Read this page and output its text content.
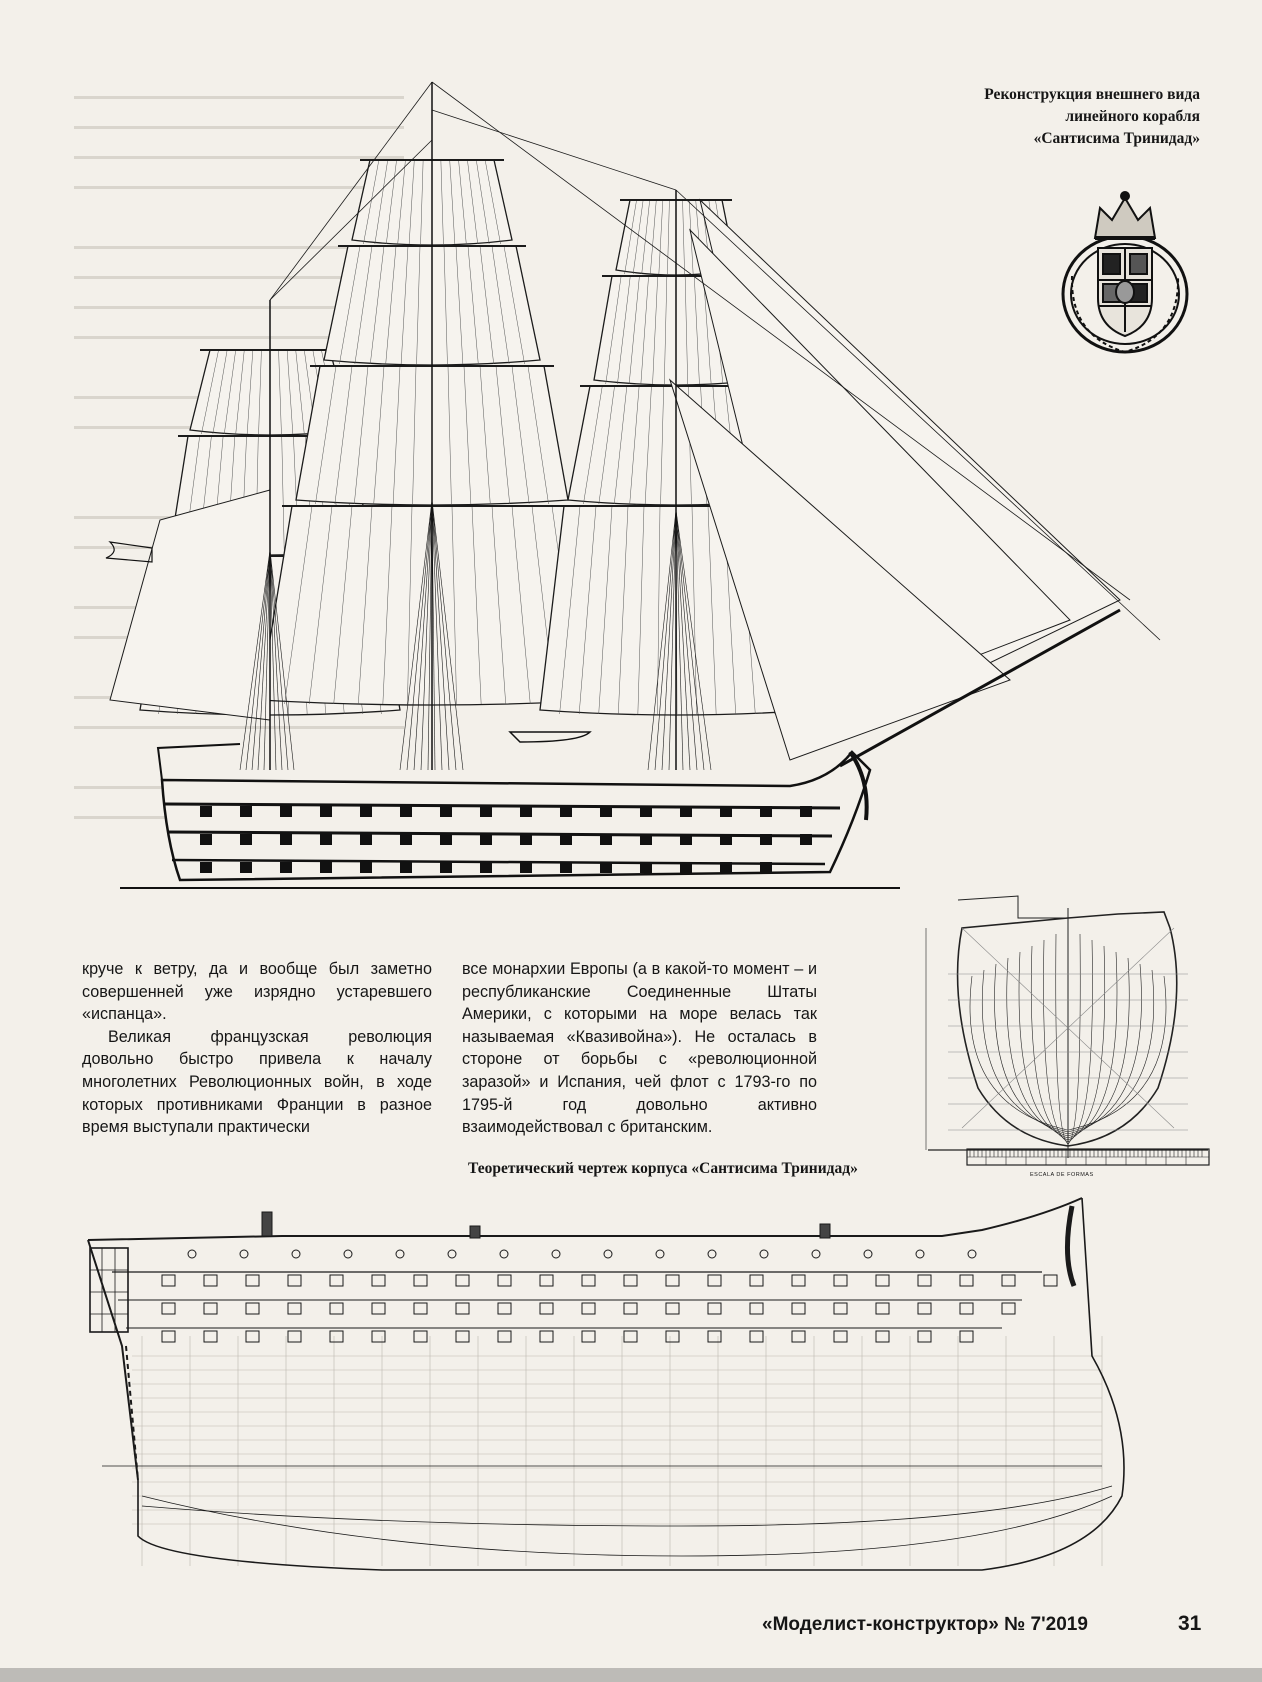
Реконструкция внешнего вида
линейного корабля
«Сантисима Тринидад»

круче к ветру, да и вообще был заметно совершенней уже изрядно устаревшего «испанца».

Великая французская революция довольно быстро привела к началу многолетних Революционных войн, в ходе которых противниками Франции в разное время выступали практически

все монархии Европы (а в какой-то момент – и республиканские Соединенные Штаты Америки, с которыми на море велась так называемая «Квазивойна»). Не осталась в стороне от борьбы с «революционной заразой» и Испания, чей флот с 1793-го по 1795-й год довольно активно взаимодействовал с британским.

ESCALA DE FORMAS
Теоретический чертеж корпуса «Сантисима Тринидад»
«Моделист-конструктор» № 7'2019	31
